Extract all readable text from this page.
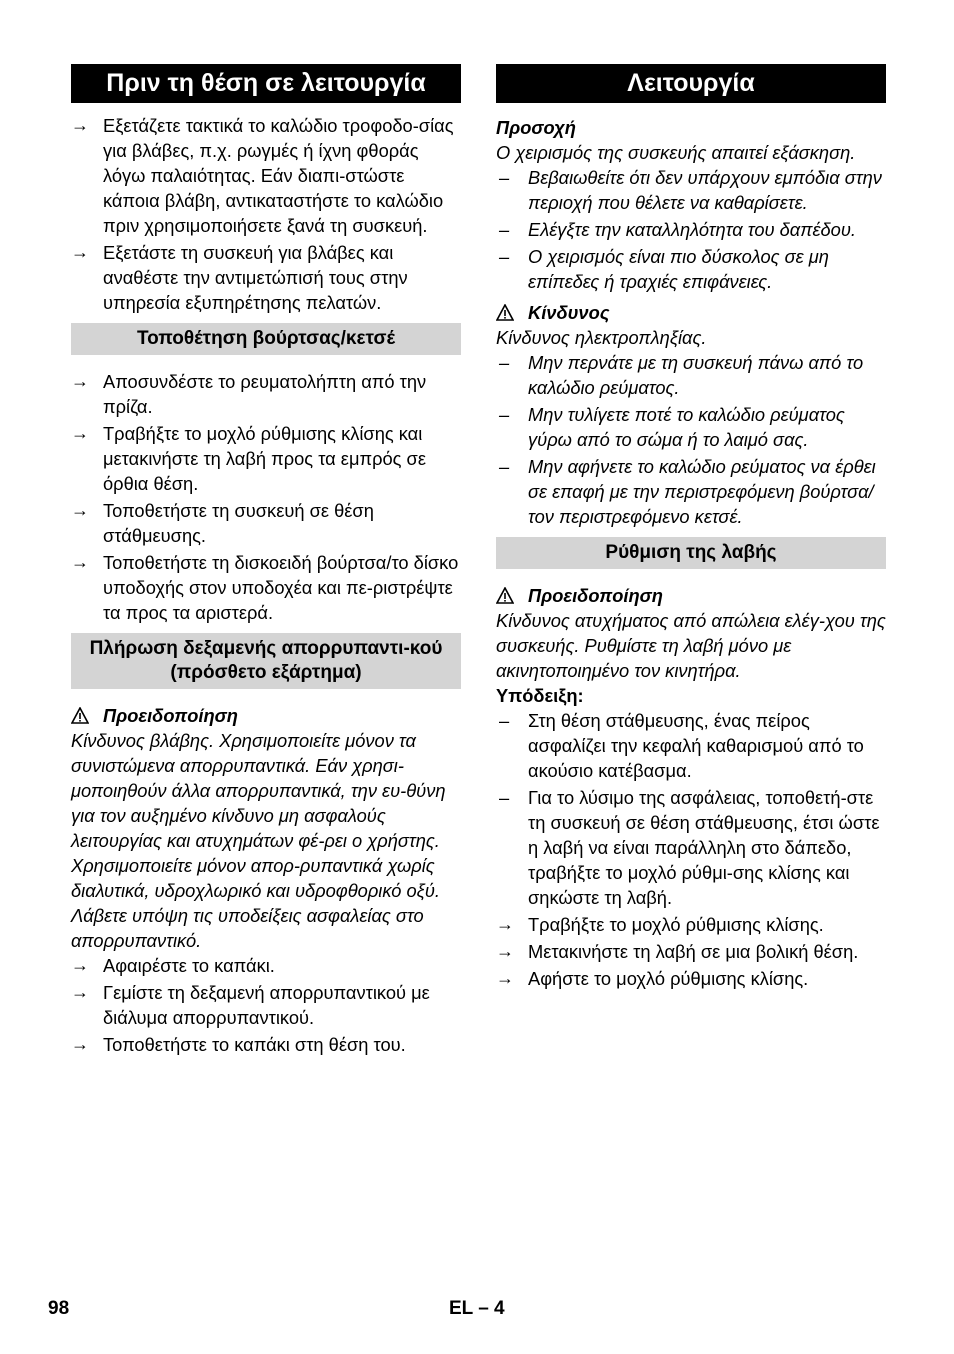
Πριν τη θέση σε λειτουργία
→ Εξετάζετε τακτικά το καλώδιο τροφοδο-σίας για βλάβες, π.χ. ρωγμές ή ίχνη φθοράς λόγω παλαιότητας. Εάν διαπι-στώστε κάποια βλάβη, αντικαταστήστε το καλώδιο πριν χρησιμοποιήσετε ξανά τη συσκευή.
→ Εξετάστε τη συσκευή για βλάβες και αναθέστε την αντιμετώπισή τους στην υπηρεσία εξυπηρέτησης πελατών.
Τοποθέτηση βούρτσας/κετσέ
→ Αποσυνδέστε το ρευματολήπτη από την πρίζα.
→ Τραβήξτε το μοχλό ρύθμισης κλίσης και μετακινήστε τη λαβή προς τα εμπρός σε όρθια θέση.
→ Τοποθετήστε τη συσκευή σε θέση στάθμευσης.
→ Τοποθετήστε τη δισκοειδή βούρτσα/το δίσκο υποδοχής στον υποδοχέα και πε-ριστρέψτε τα προς τα αριστερά.
Πλήρωση δεξαμενής απορρυπαντι-κού (πρόσθετο εξάρτημα)
Προειδοποίηση
Κίνδυνος βλάβης. Χρησιμοποιείτε μόνον τα συνιστώμενα απορρυπαντικά. Εάν χρησι-μοποιηθούν άλλα απορρυπαντικά, την ευ-θύνη για τον αυξημένο κίνδυνο μη ασφαλούς λειτουργίας και ατυχημάτων φέ-ρει ο χρήστης. Χρησιμοποιείτε μόνον απορ-ρυπαντικά χωρίς διαλυτικά, υδροχλωρικό και υδροφθορικό οξύ.
Λάβετε υπόψη τις υποδείξεις ασφαλείας στο απορρυπαντικό.
→ Αφαιρέστε το καπάκι.
→ Γεμίστε τη δεξαμενή απορρυπαντικού με διάλυμα απορρυπαντικού.
→ Τοποθετήστε το καπάκι στη θέση του.
Λειτουργία
Προσοχή
Ο χειρισμός της συσκευής απαιτεί εξάσκηση.
–	Βεβαιωθείτε ότι δεν υπάρχουν εμπόδια στην περιοχή που θέλετε να καθαρίσετε.
–	Ελέγξτε την καταλληλότητα του δαπέδου.
–	Ο χειρισμός είναι πιο δύσκολος σε μη επίπεδες ή τραχιές επιφάνειες.
Κίνδυνος
Κίνδυνος ηλεκτροπληξίας.
–	Μην περνάτε με τη συσκευή πάνω από το καλώδιο ρεύματος.
–	Μην τυλίγετε ποτέ το καλώδιο ρεύματος γύρω από το σώμα ή το λαιμό σας.
–	Μην αφήνετε το καλώδιο ρεύματος να έρθει σε επαφή με την περιστρεφόμενη βούρτσα/τον περιστρεφόμενο κετσέ.
Ρύθμιση της λαβής
Προειδοποίηση
Κίνδυνος ατυχήματος από απώλεια ελέγ-χου της συσκευής. Ρυθμίστε τη λαβή μόνο με ακινητοποιημένο τον κινητήρα.
Υπόδειξη:
–	Στη θέση στάθμευσης, ένας πείρος ασφαλίζει την κεφαλή καθαρισμού από το ακούσιο κατέβασμα.
–	Για το λύσιμο της ασφάλειας, τοποθετή-στε τη συσκευή σε θέση στάθμευσης, έτσι ώστε η λαβή να είναι παράλληλη στο δάπεδο, τραβήξτε το μοχλό ρύθμι-σης κλίσης και σηκώστε τη λαβή.
→ Τραβήξτε το μοχλό ρύθμισης κλίσης.
→ Μετακινήστε τη λαβή σε μια βολική θέση.
→ Αφήστε το μοχλό ρύθμισης κλίσης.
98	EL – 4
